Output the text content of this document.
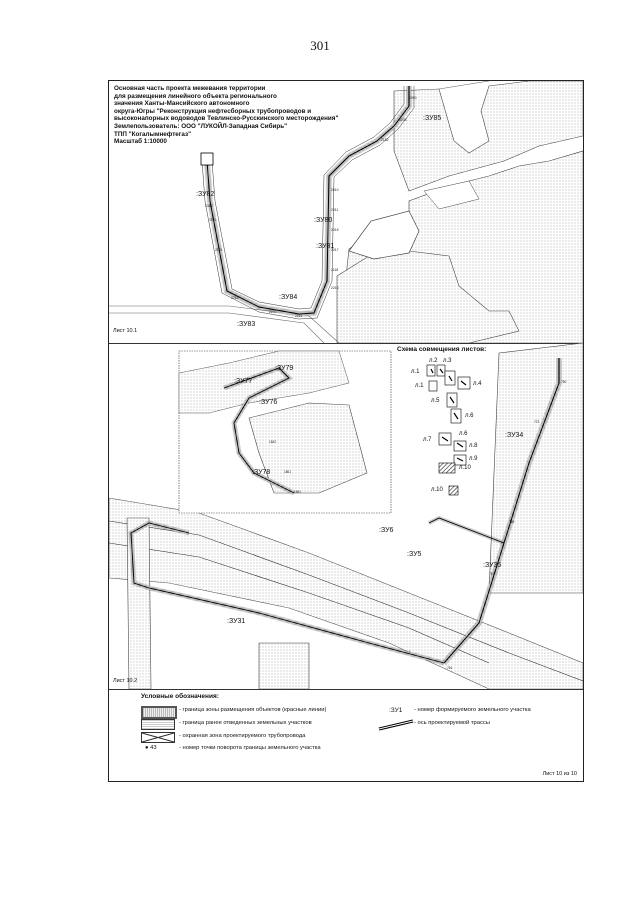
301
2010
2011
2015
2017
2118
2216
2263
2210
2211
2152
2008
1990
1991
2181
2380
Основная часть проекта межевания территории
для размещения линейного объекта регионального
значения Ханты-Мансийского автономного
округа-Югры "Реконструкция нефтесборных трубопроводов и
высоконапорных водоводов Тевлинско-Русскинского месторождения"
Землепользователь: ООО "ЛУКОЙЛ-Западная Сибирь"
ТПП "Когалымнефтегаз"
Масштаб 1:10000
:ЗУ82
:ЗУ80
:ЗУ81
:ЗУ84
:ЗУ83
:ЗУ85
Лист 10.1
750
773
765
761
716
1
1842
1861
1881
Схема совмещения листов:
л.1
л.2 л.3
л.4
л.1
л.5
л.6
л.6
л.7
л.8
л.9
л.10
л.10
:ЗУ77
:ЗУ79
:ЗУ76
:ЗУ78
:ЗУ6
:ЗУ5
:ЗУ35
:ЗУ34
:ЗУ31
Лист 10.2
Условные обозначения:
- граница зоны размещения объектов (красные линии)
- граница ранее отведенных земельных участков
- охранная зона проектируемого трубопровода
● 43	- номер точки поворота границы земельного участка
:ЗУ1 - номер формируемого земельного участка
- ось проектируемой трассы
Лист 10 из 10
